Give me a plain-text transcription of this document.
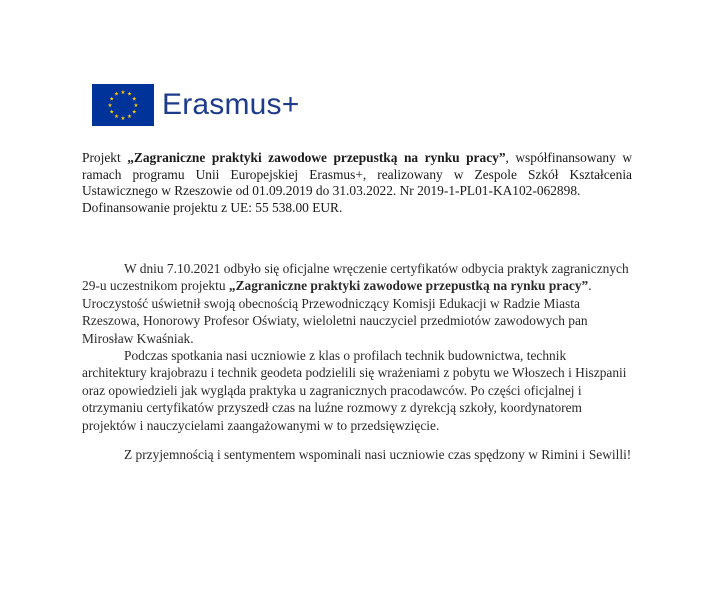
★ ★
★
★
★
★
★
★
★
★
★
★ Erasmus+
Projekt „Zagraniczne praktyki zawodowe przepustką na rynku pracy”, współfinansowany w ramach programu Unii Europejskiej Erasmus+, realizowany w Zespole Szkół Kształcenia Ustawicznego w Rzeszowie od 01.09.2019 do 31.03.2022. Nr 2019-1-PL01-KA102-062898.
Dofinansowanie projektu z UE: 55 538.00 EUR.

W dniu 7.10.2021 odbyło się oficjalne wręczenie certyfikatów odbycia praktyk zagranicznych 29-u uczestnikom projektu „Zagraniczne praktyki zawodowe przepustką na rynku pracy”. Uroczystość uświetnił swoją obecnością Przewodniczący Komisji Edukacji w Radzie Miasta Rzeszowa, Honorowy Profesor Oświaty, wieloletni nauczyciel przedmiotów zawodowych pan Mirosław Kwaśniak.

Podczas spotkania nasi uczniowie z klas o profilach technik budownictwa, technik architektury krajobrazu i technik geodeta podzielili się wrażeniami z pobytu we Włoszech i Hiszpanii oraz opowiedzieli jak wygląda praktyka u zagranicznych pracodawców. Po części oficjalnej i otrzymaniu certyfikatów przyszedł czas na luźne rozmowy z dyrekcją szkoły, koordynatorem projektów i nauczycielami zaangażowanymi w to przedsięwzięcie.

Z przyjemnością i sentymentem wspominali nasi uczniowie czas spędzony w Rimini i Sewilli!
